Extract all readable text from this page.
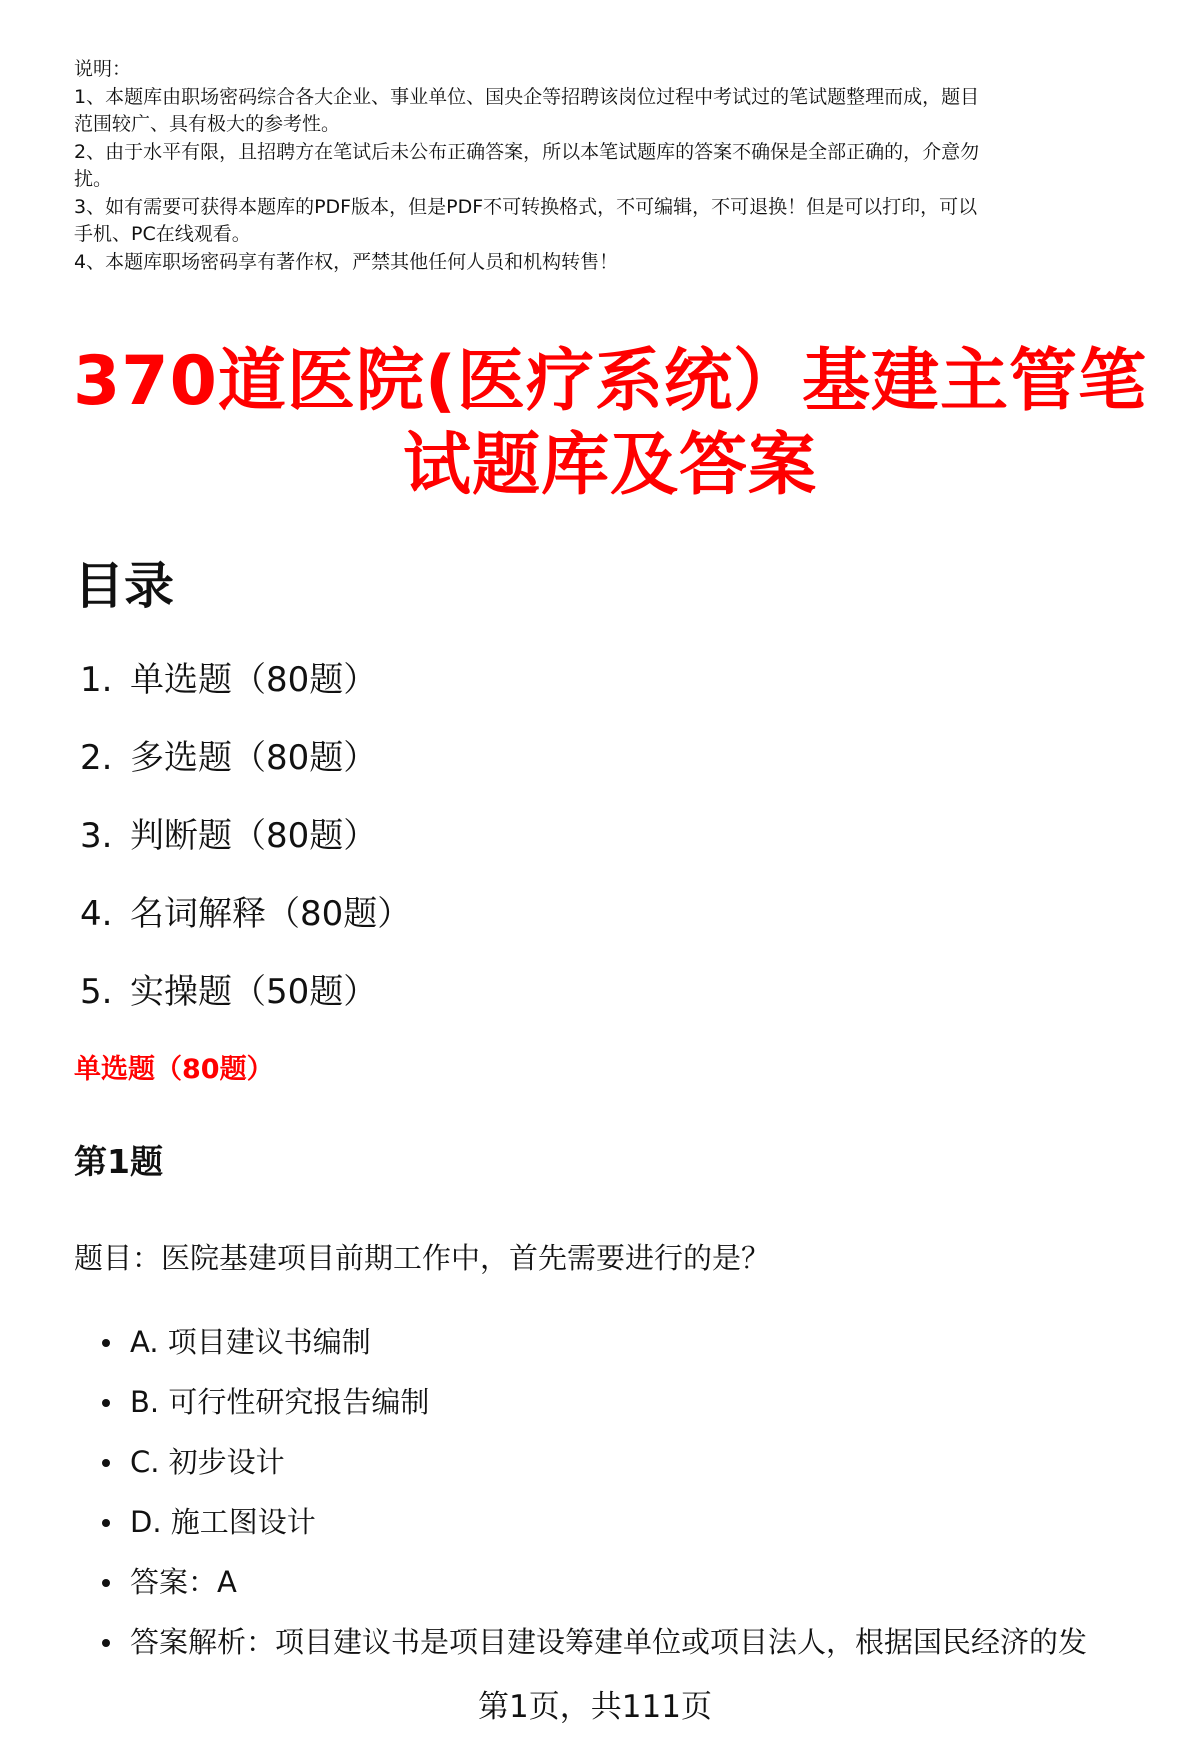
说明：

1、本题库由职场密码综合各大企业、事业单位、国央企等招聘该岗位过程中考试过的笔试题整理而成，题目

范围较广、具有极大的参考性。

2、由于水平有限，且招聘方在笔试后未公布正确答案，所以本笔试题库的答案不确保是全部正确的，介意勿

扰。

3、如有需要可获得本题库的PDF版本，但是PDF不可转换格式，不可编辑，不可退换！但是可以打印，可以

手机、PC在线观看。

4、本题库职场密码享有著作权，严禁其他任何人员和机构转售！

370道医院(医疗系统）基建主管笔
试题库及答案
目录
1. 单选题（80题）
2. 多选题（80题）
3. 判断题（80题）
4. 名词解释（80题）
5. 实操题（50题）
单选题（80题）
第1题
题目：医院基建项目前期工作中，首先需要进行的是？
A. 项目建议书编制
B. 可行性研究报告编制
C. 初步设计
D. 施工图设计
答案：A
答案解析：项目建议书是项目建设筹建单位或项目法人，根据国民经济的发
第1页，共111页
